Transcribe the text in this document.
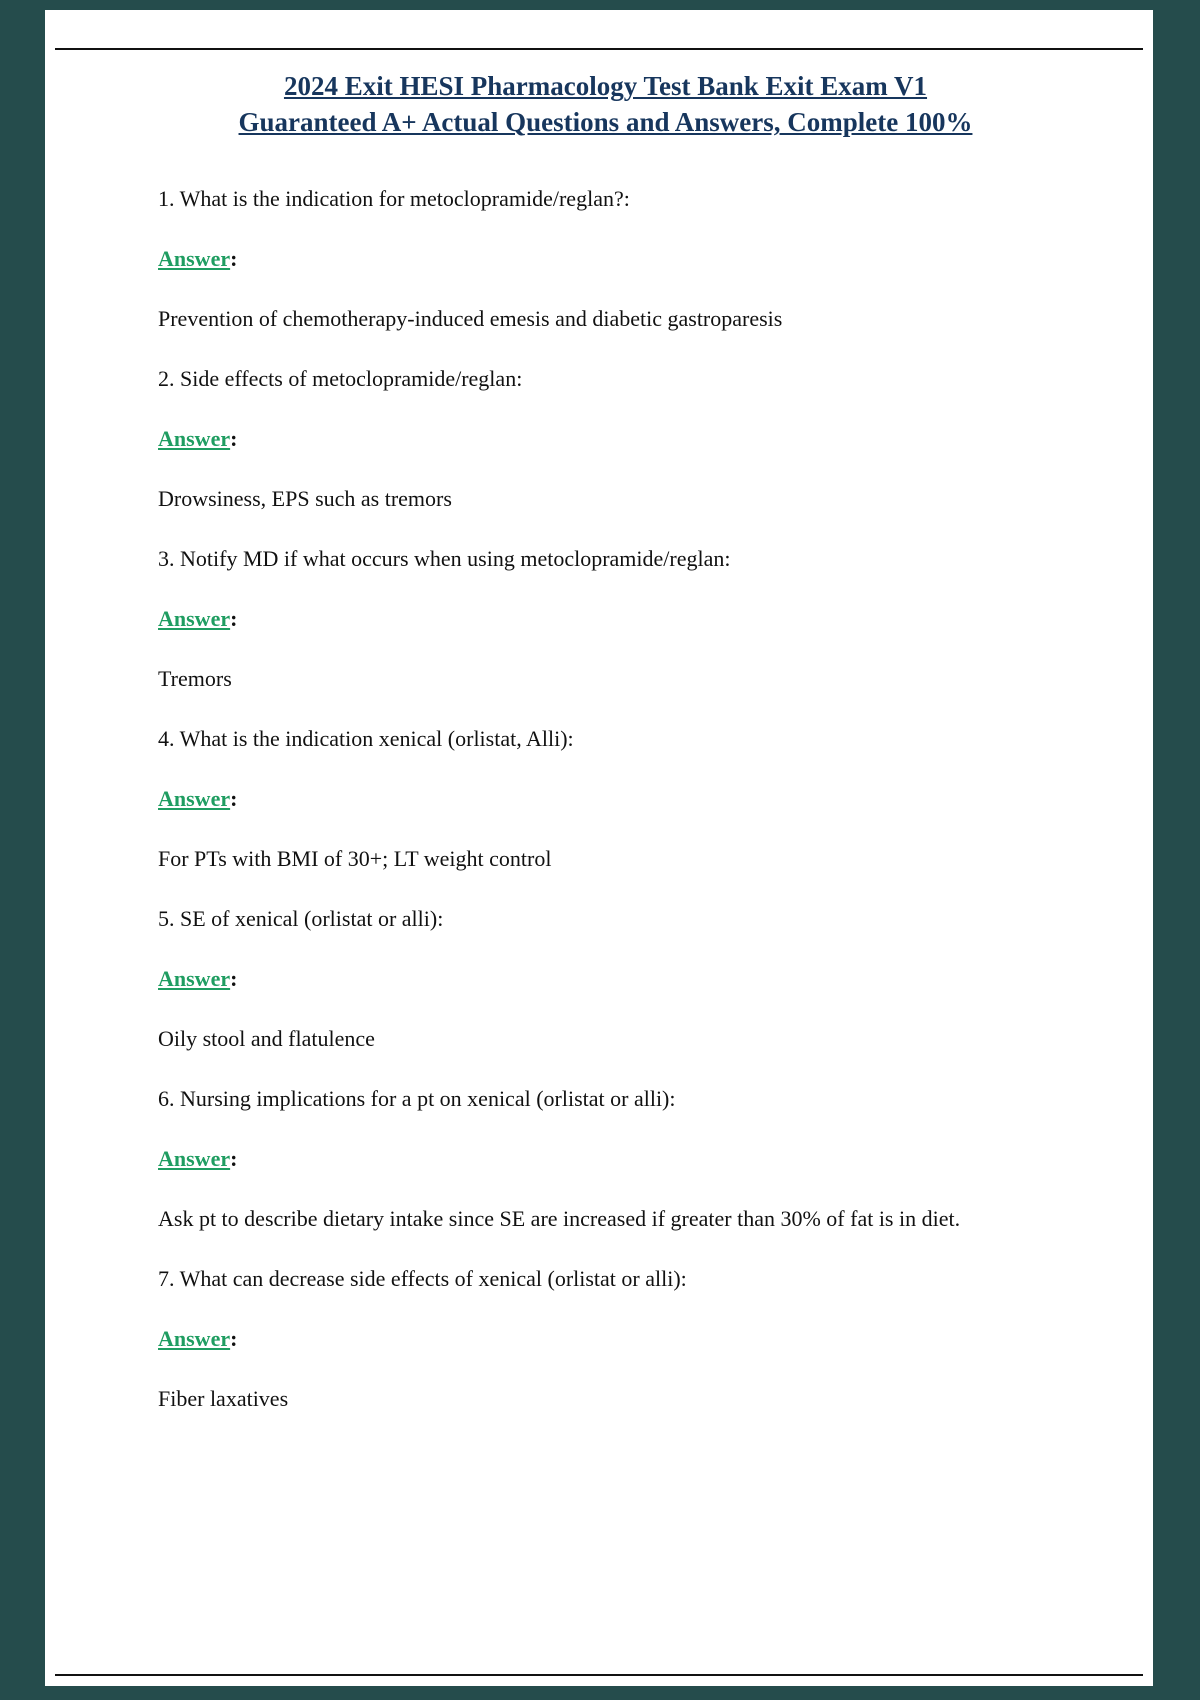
2024 Exit HESI Pharmacology Test Bank Exit Exam V1
Guaranteed A+ Actual Questions and Answers, Complete 100%

1. What is the indication for metoclopramide/reglan?:

Answer:

Prevention of chemotherapy-induced emesis and diabetic gastroparesis

2. Side effects of metoclopramide/reglan:

Answer:

Drowsiness, EPS such as tremors

3. Notify MD if what occurs when using metoclopramide/reglan:

Answer:

Tremors

4. What is the indication xenical (orlistat, Alli):

Answer:

For PTs with BMI of 30+; LT weight control

5. SE of xenical (orlistat or alli):

Answer:

Oily stool and flatulence

6. Nursing implications for a pt on xenical (orlistat or alli):

Answer:

Ask pt to describe dietary intake since SE are increased if greater than 30% of fat is in diet.

7. What can decrease side effects of xenical (orlistat or alli):

Answer:

Fiber laxatives
